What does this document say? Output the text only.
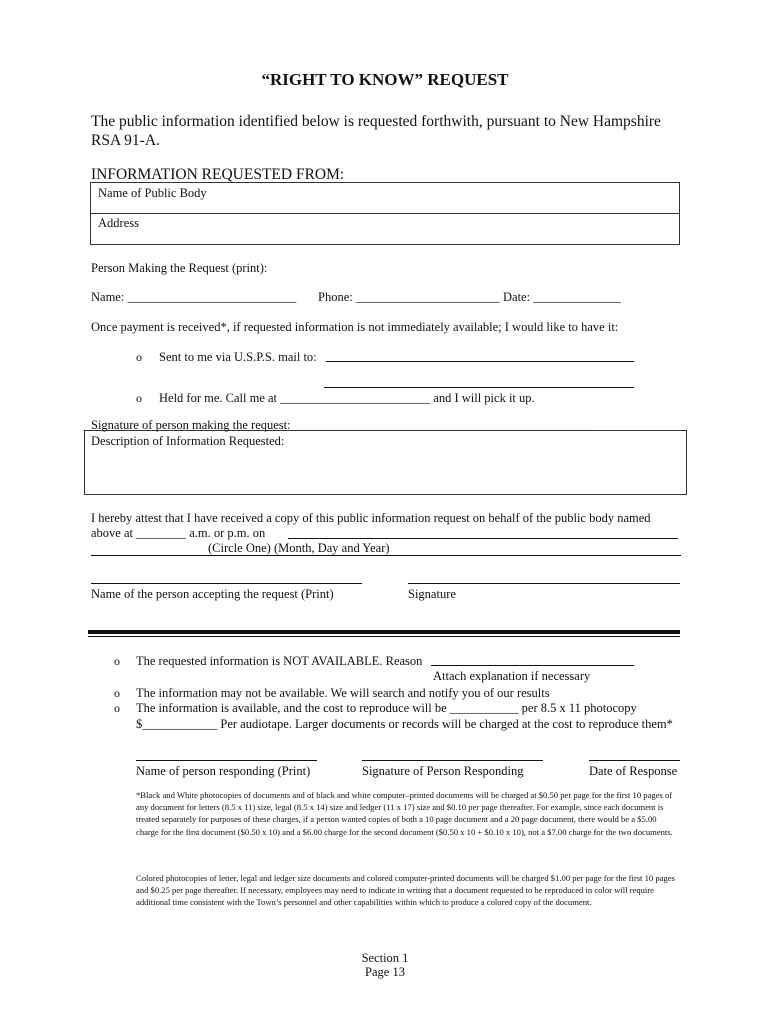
“RIGHT TO KNOW” REQUEST
The public information identified below is requested forthwith, pursuant to New Hampshire RSA 91-A.
INFORMATION REQUESTED FROM:
Name of Public Body
Address
Person Making the Request (print):
Name: ___________________________ Phone: _______________________ Date: ______________
Once payment is received*, if requested information is not immediately available; I would like to have it:
o Sent to me via U.S.P.S. mail to:
o Held for me. Call me at ________________________ and I will pick it up.
Signature of person making the request: ________________________________________________
Description of Information Requested:
I hereby attest that I have received a copy of this public information request on behalf of the public body named
above at ________ a.m. or p.m. on
(Circle One) (Month, Day and Year)
Name of the person accepting the request (Print)	Signature
o The requested information is NOT AVAILABLE. Reason
Attach explanation if necessary
o The information may not be available. We will search and notify you of our results
o The information is available, and the cost to reproduce will be ___________ per 8.5 x 11 photocopy
$____________ Per audiotape. Larger documents or records will be charged at the cost to reproduce them*
Name of person responding (Print)	Signature of Person Responding	Date of Response
*Black and White photocopies of documents and of black and white computer–printed documents will be charged at $0.50 per page for the first 10 pages of any document for letters (8.5 x 11) size, legal (8.5 x 14) size and ledger (11 x 17) size and $0.10 per page thereafter. For example, since each document is treated separately for purposes of these charges, if a person wanted copies of both a 10 page document and a 20 page document, there would be a $5.00 charge for the first document ($0.50 x 10) and a $6.00 charge for the second document ($0.50 x 10 + $0.10 x 10), not a $7.00 charge for the two documents.
Colored photocopies of letter, legal and ledger size documents and colored computer-printed documents will be charged $1.00 per page for the first 10 pages and $0.25 per page thereafter. If necessary, employees may need to indicate in writing that a document requested to be reproduced in color will require additional time consistent with the Town’s personnel and other capabilities within which to produce a colored copy of the document.
Section 1
Page 13
